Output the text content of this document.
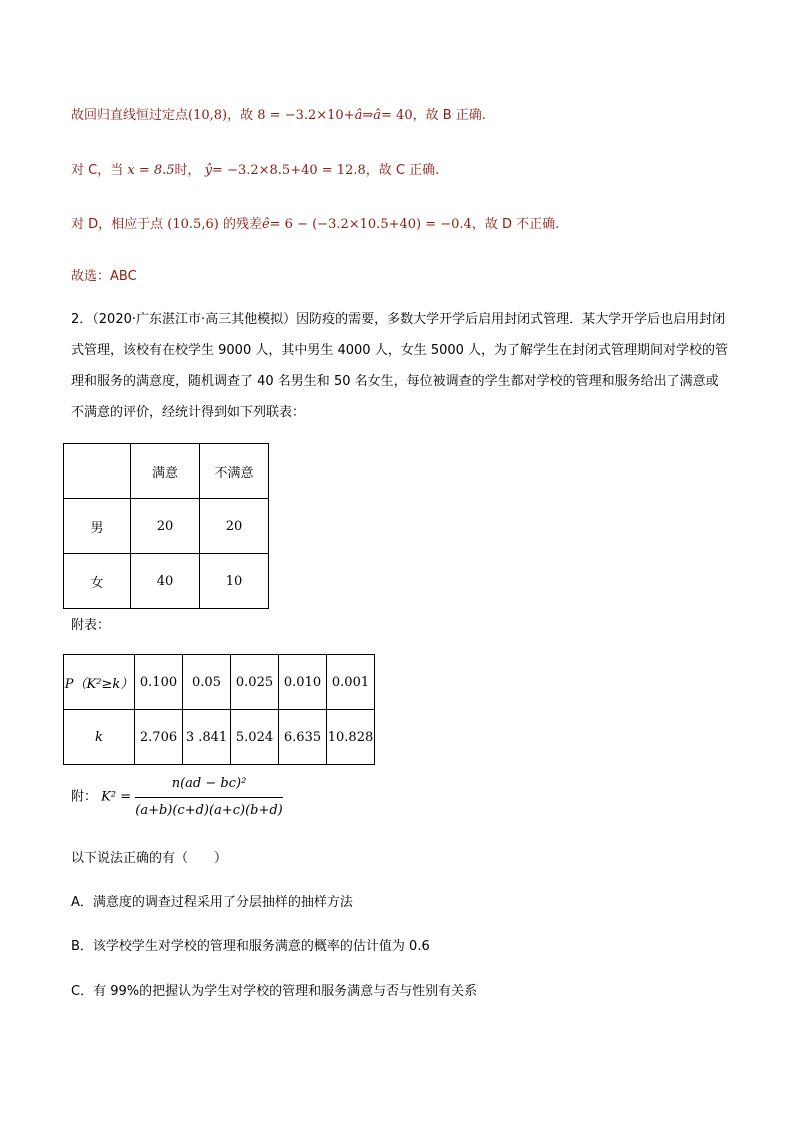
故回归直线恒过定点(10,8)，故 8 = −3.2×10+â⇒â= 40，故 B 正确.
对 C，当 x = 8.5时， ŷ= −3.2×8.5+40 = 12.8，故 C 正确.
对 D，相应于点 (10.5,6) 的残差ê= 6 − (−3.2×10.5+40) = −0.4，故 D 不正确.
故选：ABC
2．（2020·广东湛江市·高三其他模拟）因防疫的需要，多数大学开学后启用封闭式管理．某大学开学后也启用封闭式管理，该校有在校学生 9000 人，其中男生 4000 人，女生 5000 人，为了解学生在封闭式管理期间对学校的管理和服务的满意度，随机调查了 40 名男生和 50 名女生，每位被调查的学生都对学校的管理和服务给出了满意或不满意的评价，经统计得到如下列联表：
	满意	不满意
男	20	20
女	40	10
附表：
P（K²≥k）	0.100	0.05	0.025	0.010	0.001
k	2.706	3 .841	5.024	6.635	10.828
附： $K^2 = \frac{\text{n(ad − bc)²}}{(a+b)(c+d)(a+c)(b+d)}$
以下说法正确的有（　　）
A．满意度的调查过程采用了分层抽样的抽样方法
B．该学校学生对学校的管理和服务满意的概率的估计值为 0.6
C．有 99%的把握认为学生对学校的管理和服务满意与否与性别有关系
